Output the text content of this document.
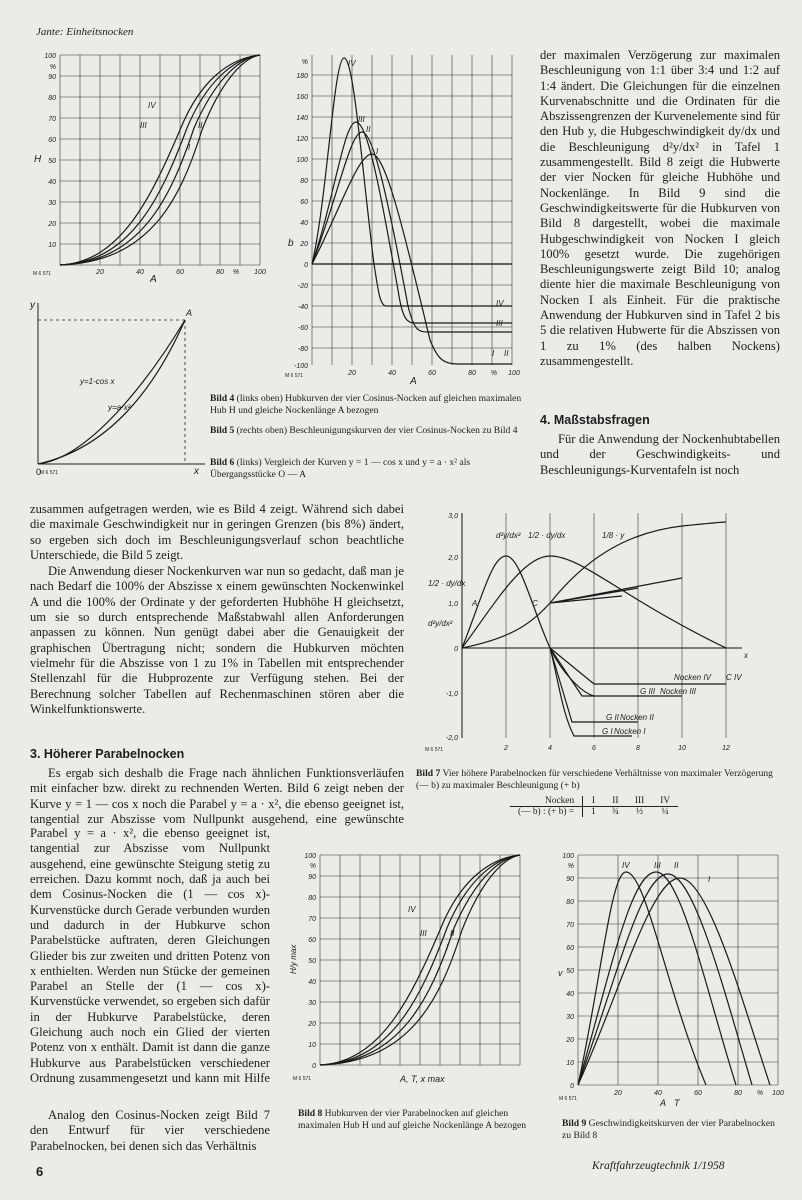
Jante: Einheitsnocken
100
%
90
80
70
60
50
40
30
20
10
20	40	60	80 % 100
H
A
IV
III	II
I
M 6 571
y
x
A
0
y=1-cos x
y=a·x²
M 6 571
180
%
160
140
120
100
80
60
40
20
0
-20
-40
-60
-80
-100
20	40	60	80 % 100
b
A
IV
III
II
I
IV
III
I II
M 6 571
Bild 4 (links oben) Hubkurven der vier Cosinus-Nocken auf gleichen maximalen Hub H und gleiche Nockenlänge A bezogen
Bild 5 (rechts oben) Beschleunigungskurven der vier Cosinus-Nocken zu Bild 4
Bild 6 (links) Vergleich der Kurven y = 1 — cos x und y = a · x² als Übergangsstücke O — A
der maximalen Verzögerung zur maximalen Beschleunigung von 1:1 über 3:4 und 1:2 auf 1:4 ändert. Die Gleichungen für die einzelnen Kurvenabschnitte und die Ordinaten für die Abszissengrenzen der Kurvenelemente sind für den Hub y, die Hubgeschwindigkeit dy/dx und die Beschleunigung d²y/dx² in Tafel 1 zusammengestellt. Bild 8 zeigt die Hubwerte der vier Nocken für gleiche Hubhöhe und Nockenlänge. In Bild 9 sind die Geschwindigkeitswerte für die Hubkurven von Bild 8 dargestellt, wobei die maximale Hubgeschwindigkeit von Nocken I gleich 100% gesetzt wurde. Die zugehörigen Beschleunigungswerte zeigt Bild 10; analog diente hier die maximale Beschleunigung von Nocken I als Einheit. Für die praktische Anwendung der Hubkurven sind in Tafel 2 bis 5 die relativen Hubwerte für die Abszissen von 1 zu 1% (des halben Nockens) zusammengestellt.
4. Maßstabsfragen

Für die Anwendung der Nockenhubtabellen und der Geschwindigkeits- und Beschleunigungs-Kurventafeln ist noch

zusammen aufgetragen werden, wie es Bild 4 zeigt. Während sich dabei die maximale Geschwindigkeit nur in geringen Grenzen (bis 8%) ändert, so ergeben sich doch im Beschleunigungsverlauf schon beachtliche Unterschiede, die Bild 5 zeigt.

Die Anwendung dieser Nockenkurven war nun so gedacht, daß man je nach Bedarf die 100% der Abszisse x einem gewünschten Nockenwinkel A und die 100% der Ordinate y der geforderten Hubhöhe H gleichsetzt, um sie so durch entsprechende Maßstabwahl allen Anforderungen anpassen zu können. Nun genügt dabei aber die Genauigkeit der graphischen Übertragung nicht; sondern die Hubkurven möchten vielmehr für die Abszisse von 1 zu 1% in Tabellen mit entsprechender Stellenzahl für die Hubprozente zur Verfügung stehen. Bei der Berechnung solcher Tabellen auf Rechenmaschinen stören aber die Winkelfunktionswerte.

3,0
2,0
1,0
0
-1,0
-2,0
2	4	6	8	10	12
d²y/dx² 1/2 · dy/dx	1/8 · y
1/2 · dy/dx
d²y/dx²
x
A	C
Nocken IV C IV
G III Nocken III
G II Nocken II
G I Nocken I
M 6 571
Bild 7 Vier höhere Parabelnocken für verschiedene Verhältnisse von maximaler Verzögerung (— b) zu maximaler Beschleunigung (+ b)
Nocken	I	II	III	IV
(— b) : (+ b) =	1	¾	½	¼
3. Höherer Parabelnocken

Es ergab sich deshalb die Frage nach ähnlichen Funktionsverläufen mit einfacher bzw. direkt zu rechnenden Werten. Bild 6 zeigt neben der Kurve y = 1 — cos x noch die Parabel y = a · x², die ebenso geeignet ist, tangential zur Abszisse vom Nullpunkt ausgehend, eine gewünschte

Parabel y = a · x², die ebenso geeignet ist, tangential zur Abszisse vom Nullpunkt ausgehend, eine gewünschte Steigung stetig zu erreichen. Dazu kommt noch, daß ja auch bei dem Cosinus-Nocken die (1 — cos x)-Kurvenstücke durch Gerade verbunden wurden und dadurch in der Hubkurve schon Parabelstücke auftraten, deren Gleichungen Glieder bis zur zweiten und dritten Potenz von x enthielten. Werden nun Stücke der gemeinen Parabel an Stelle der (1 — cos x)-Kurvenstücke verwendet, so ergeben sich dafür in der Hubkurve Parabelstücke, deren Gleichung auch noch ein Glied der vierten Potenz von x enthält. Damit ist dann die ganze Hubkurve aus Parabelstücken verschiedener Ordnung zusammengesetzt und kann mit Hilfe

Analog den Cosinus-Nocken zeigt Bild 7 den Entwurf für vier verschiedene Parabelnocken, bei denen sich das Verhältnis

100
%
90
80
70
60
50
40
30
20
10
0
H/y max
A, T, x max
IV
III	II
I
M 6 571
Bild 8 Hubkurven der vier Parabelnocken auf gleichen maximalen Hub H und auf gleiche Nockenlänge A bezogen
100
%
90
80
70
60
50
40
30
20
10
0
20	40	60	80 % 100
v
A T
IV	III II
I
M 6 571
Bild 9 Geschwindigkeitskurven der vier Parabelnocken zu Bild 8
6	Kraftfahrzeugtechnik 1/1958
